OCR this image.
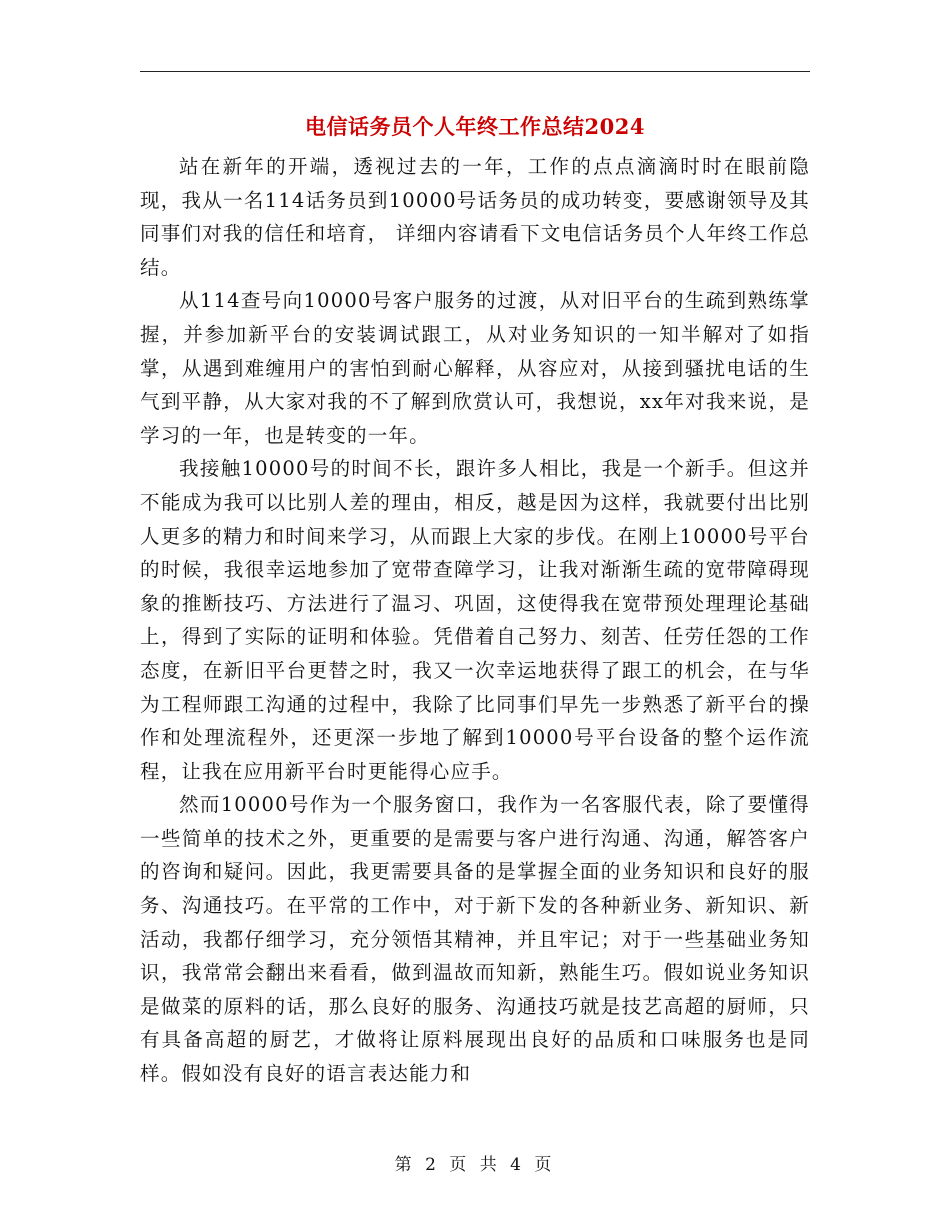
电信话务员个人年终工作总结2024

站在新年的开端，透视过去的一年，工作的点点滴滴时时在眼前隐现，我从一名114话务员到10000号话务员的成功转变，要感谢领导及其同事们对我的信任和培育， 详细内容请看下文电信话务员个人年终工作总结。

从114查号向10000号客户服务的过渡，从对旧平台的生疏到熟练掌握，并参加新平台的安装调试跟工，从对业务知识的一知半解对了如指掌，从遇到难缠用户的害怕到耐心解释，从容应对，从接到骚扰电话的生气到平静，从大家对我的不了解到欣赏认可，我想说，xx年对我来说，是学习的一年，也是转变的一年。

我接触10000号的时间不长，跟许多人相比，我是一个新手。但这并不能成为我可以比别人差的理由，相反，越是因为这样，我就要付出比别人更多的精力和时间来学习，从而跟上大家的步伐。在刚上10000号平台的时候，我很幸运地参加了宽带查障学习，让我对渐渐生疏的宽带障碍现象的推断技巧、方法进行了温习、巩固，这使得我在宽带预处理理论基础上，得到了实际的证明和体验。凭借着自己努力、刻苦、任劳任怨的工作态度，在新旧平台更替之时，我又一次幸运地获得了跟工的机会，在与华为工程师跟工沟通的过程中，我除了比同事们早先一步熟悉了新平台的操作和处理流程外，还更深一步地了解到10000号平台设备的整个运作流程，让我在应用新平台时更能得心应手。

然而10000号作为一个服务窗口，我作为一名客服代表，除了要懂得一些简单的技术之外，更重要的是需要与客户进行沟通、沟通，解答客户的咨询和疑问。因此，我更需要具备的是掌握全面的业务知识和良好的服务、沟通技巧。在平常的工作中，对于新下发的各种新业务、新知识、新活动，我都仔细学习，充分领悟其精神，并且牢记；对于一些基础业务知识，我常常会翻出来看看，做到温故而知新，熟能生巧。假如说业务知识是做菜的原料的话，那么良好的服务、沟通技巧就是技艺高超的厨师，只有具备高超的厨艺，才做将让原料展现出良好的品质和口味服务也是同样。假如没有良好的语言表达能力和

第 2 页 共 4 页
